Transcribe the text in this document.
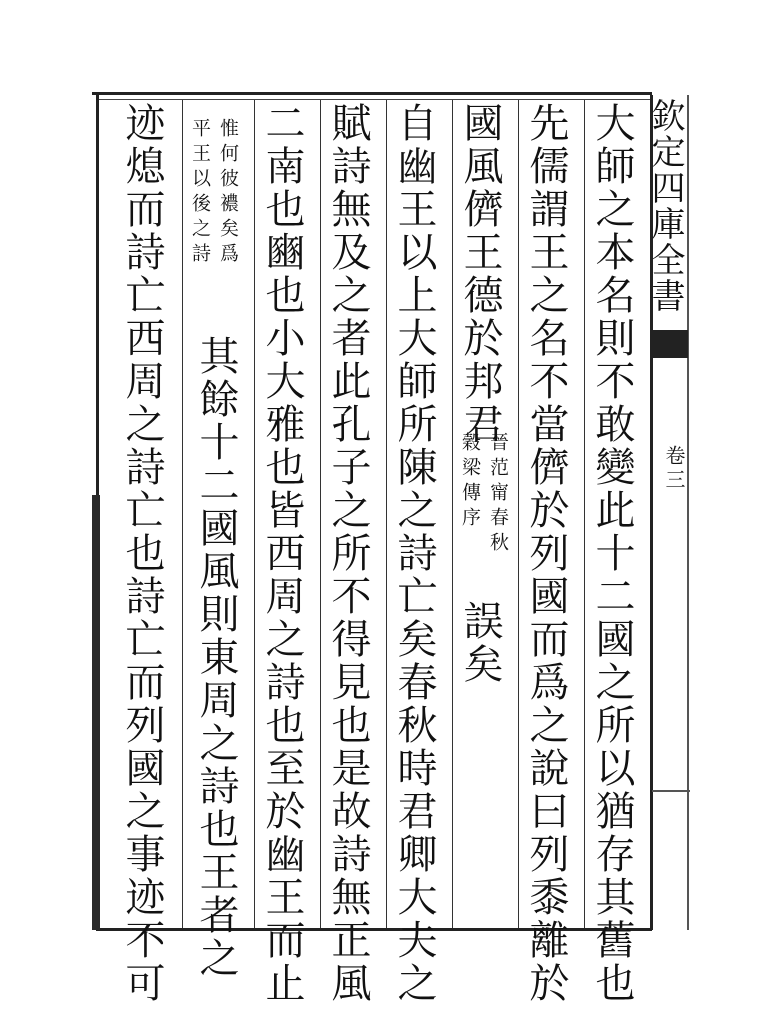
欽定四庫全書
卷三
大師之本名則不敢變此十二國之所以猶存其舊也
先儒謂王之名不當儕於列國而爲之說曰列黍離於
國風儕王德於邦君
晉范甯春秋
穀梁傳序
誤矣
自幽王以上大師所陳之詩亡矣春秋時君卿大夫之
賦詩無及之者此孔子之所不得見也是故詩無正風
二南也豳也小大雅也皆西周之詩也至於幽王而止
惟何彼襛矣爲
平王以後之詩
其餘十二國風則東周之詩也王者之
迹熄而詩亡西周之詩亡也詩亡而列國之事迹不可
